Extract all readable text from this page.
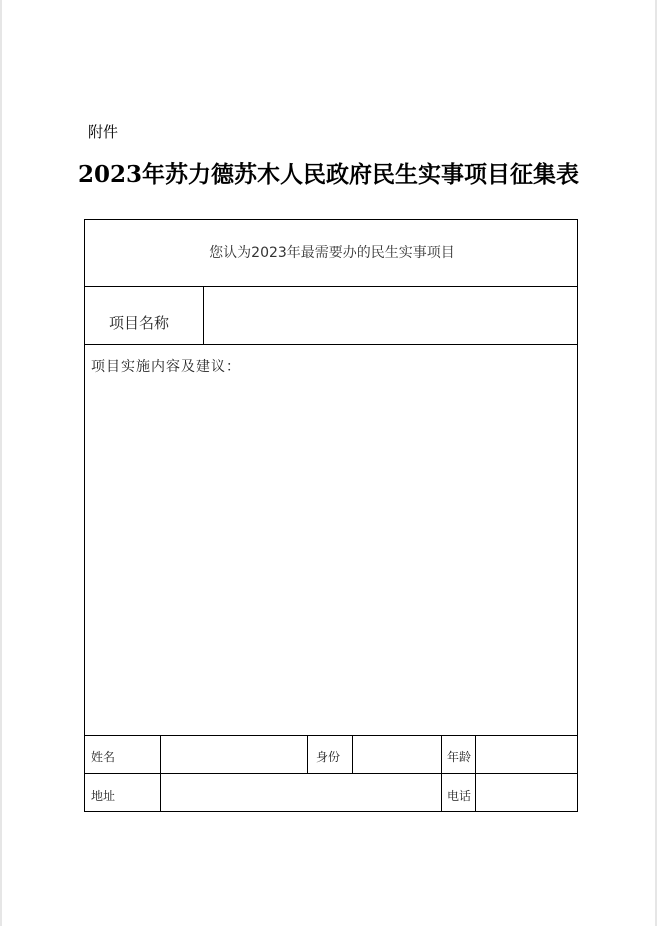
附件
2023年苏力德苏木人民政府民生实事项目征集表
您认为2023年最需要办的民生实事项目
项目名称
项目实施内容及建议：
姓名	身份	年龄
地址	电话
